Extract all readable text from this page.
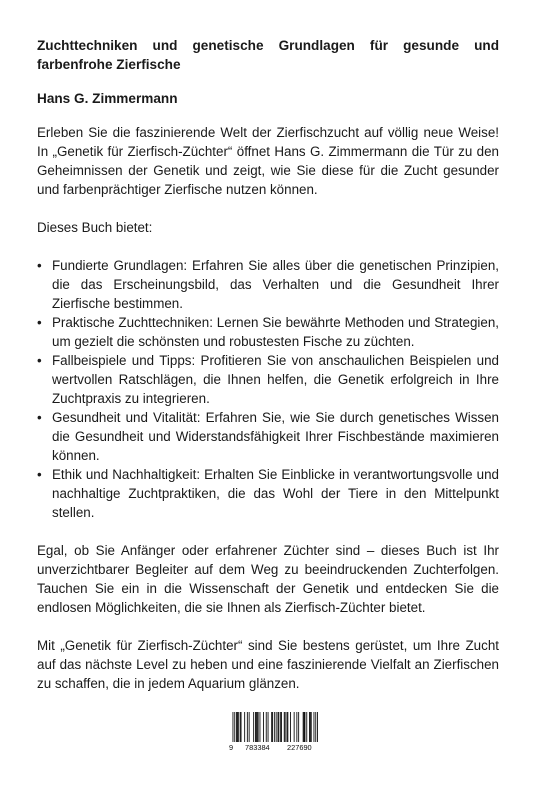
Zuchttechniken und genetische Grundlagen für gesunde und farbenfrohe Zierfische
Hans G. Zimmermann

Erleben Sie die faszinierende Welt der Zierfischzucht auf völlig neue Weise! In „Genetik für Zierfisch-Züchter“ öffnet Hans G. Zimmermann die Tür zu den Geheimnissen der Genetik und zeigt, wie Sie diese für die Zucht gesunder und farbenprächtiger Zierfische nutzen können.

Dieses Buch bietet:

• Fundierte Grundlagen: Erfahren Sie alles über die genetischen Prinzipien, die das Erscheinungsbild, das Verhalten und die Gesundheit Ihrer Zierfische bestimmen.
• Praktische Zuchttechniken: Lernen Sie bewährte Methoden und Strategien, um gezielt die schönsten und robustesten Fische zu züchten.
• Fallbeispiele und Tipps: Profitieren Sie von anschaulichen Beispielen und wertvollen Ratschlägen, die Ihnen helfen, die Genetik erfolgreich in Ihre Zuchtpraxis zu integrieren.
• Gesundheit und Vitalität: Erfahren Sie, wie Sie durch genetisches Wissen die Gesundheit und Widerstandsfähigkeit Ihrer Fischbestände maximieren können.
• Ethik und Nachhaltigkeit: Erhalten Sie Einblicke in verantwortungsvolle und nachhaltige Zuchtpraktiken, die das Wohl der Tiere in den Mittelpunkt stellen.

Egal, ob Sie Anfänger oder erfahrener Züchter sind – dieses Buch ist Ihr unverzichtbarer Begleiter auf dem Weg zu beeindruckenden Zuchterfolgen. Tauchen Sie ein in die Wissenschaft der Genetik und entdecken Sie die endlosen Möglichkeiten, die sie Ihnen als Zierfisch-Züchter bietet.

Mit „Genetik für Zierfisch-Züchter“ sind Sie bestens gerüstet, um Ihre Zucht auf das nächste Level zu heben und eine faszinierende Vielfalt an Zierfischen zu schaffen, die in jedem Aquarium glänzen.

9 783384 227690
